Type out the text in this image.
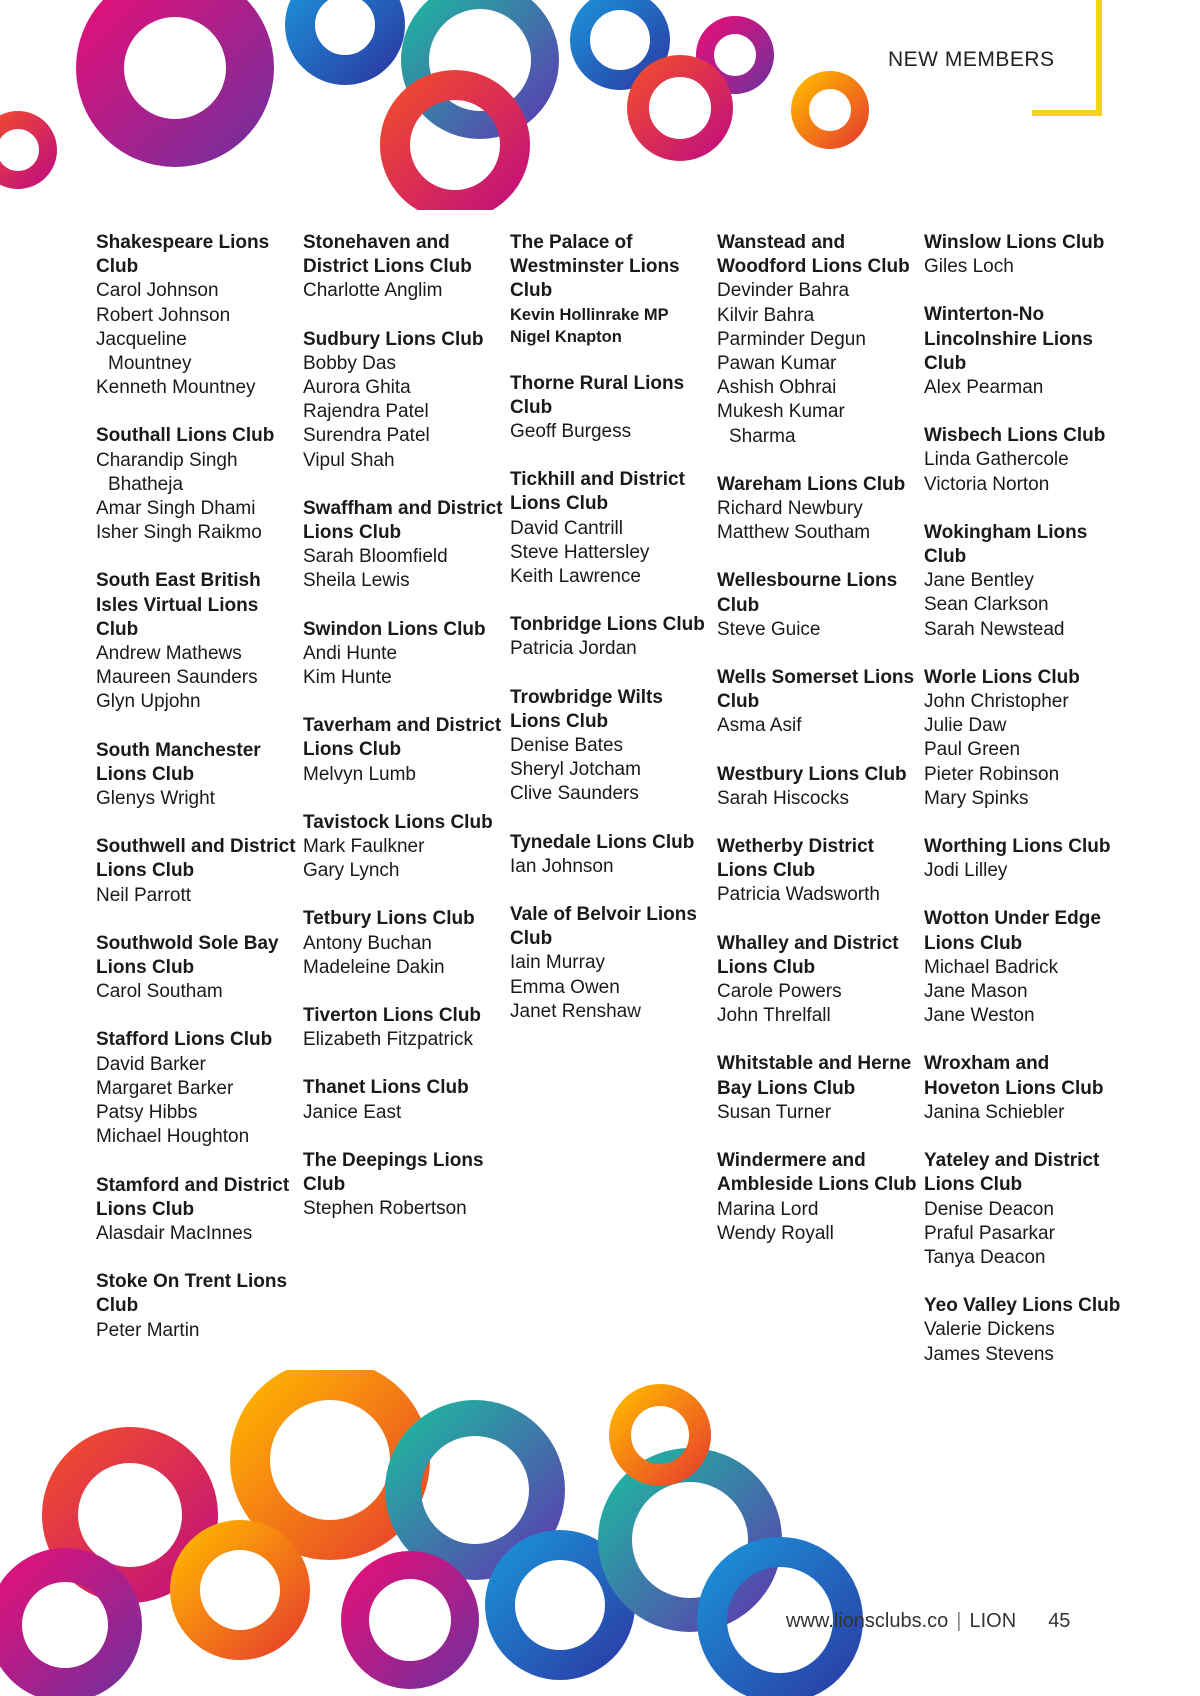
NEW MEMBERS
Shakespeare Lions Club
Carol Johnson
Robert Johnson
Jacqueline
Mountney
Kenneth Mountney
Southall Lions Club
Charandip Singh
Bhatheja
Amar Singh Dhami
Isher Singh Raikmo
South East British Isles Virtual Lions Club
Andrew Mathews
Maureen Saunders
Glyn Upjohn
South Manchester Lions Club
Glenys Wright
Southwell and District Lions Club
Neil Parrott
Southwold Sole Bay Lions Club
Carol Southam
Stafford Lions Club
David Barker
Margaret Barker
Patsy Hibbs
Michael Houghton
Stamford and District Lions Club
Alasdair MacInnes
Stoke On Trent Lions Club
Peter Martin
Stonehaven and District Lions Club
Charlotte Anglim
Sudbury Lions Club
Bobby Das
Aurora Ghita
Rajendra Patel
Surendra Patel
Vipul Shah
Swaffham and District Lions Club
Sarah Bloomfield
Sheila Lewis
Swindon Lions Club
Andi Hunte
Kim Hunte
Taverham and District Lions Club
Melvyn Lumb
Tavistock Lions Club
Mark Faulkner
Gary Lynch
Tetbury Lions Club
Antony Buchan
Madeleine Dakin
Tiverton Lions Club
Elizabeth Fitzpatrick
Thanet Lions Club
Janice East
The Deepings Lions Club
Stephen Robertson
The Palace of Westminster Lions Club
Kevin Hollinrake MP
Nigel Knapton
Thorne Rural Lions Club
Geoff Burgess
Tickhill and District Lions Club
David Cantrill
Steve Hattersley
Keith Lawrence
Tonbridge Lions Club
Patricia Jordan
Trowbridge Wilts Lions Club
Denise Bates
Sheryl Jotcham
Clive Saunders
Tynedale Lions Club
Ian Johnson
Vale of Belvoir Lions Club
Iain Murray
Emma Owen
Janet Renshaw
Wanstead and Woodford Lions Club
Devinder Bahra
Kilvir Bahra
Parminder Degun
Pawan Kumar
Ashish Obhrai
Mukesh Kumar
Sharma
Wareham Lions Club
Richard Newbury
Matthew Southam
Wellesbourne Lions Club
Steve Guice
Wells Somerset Lions Club
Asma Asif
Westbury Lions Club
Sarah Hiscocks
Wetherby District Lions Club
Patricia Wadsworth
Whalley and District Lions Club
Carole Powers
John Threlfall
Whitstable and Herne Bay Lions Club
Susan Turner
Windermere and Ambleside Lions Club
Marina Lord
Wendy Royall
Winslow Lions Club
Giles Loch
Winterton-No Lincolnshire Lions Club
Alex Pearman
Wisbech Lions Club
Linda Gathercole
Victoria Norton
Wokingham Lions Club
Jane Bentley
Sean Clarkson
Sarah Newstead
Worle Lions Club
John Christopher
Julie Daw
Paul Green
Pieter Robinson
Mary Spinks
Worthing Lions Club
Jodi Lilley
Wotton Under Edge Lions Club
Michael Badrick
Jane Mason
Jane Weston
Wroxham and Hoveton Lions Club
Janina Schiebler
Yateley and District Lions Club
Denise Deacon
Praful Pasarkar
Tanya Deacon
Yeo Valley Lions Club
Valerie Dickens
James Stevens
www.lionsclubs.co | LION 45
